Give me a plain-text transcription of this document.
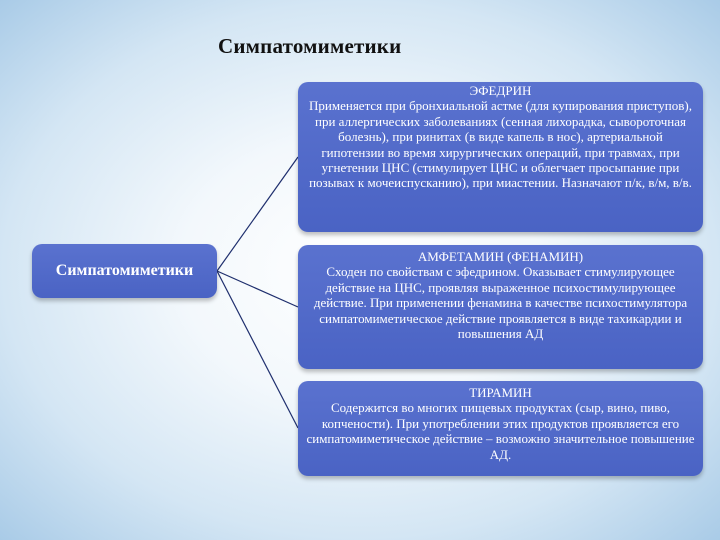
Симпатомиметики
Симпатомиметики
ЭФЕДРИН
Применяется при бронхиальной астме (для купирования приступов), при аллергических заболеваниях (сенная лихорадка, сывороточная болезнь), при ринитах (в виде капель в нос), артериальной гипотензии во время хирургических операций, при травмах, при угнетении ЦНС (стимулирует ЦНС и облегчает просыпание при позывах к мочеиспусканию), при миастении. Назначают п/к, в/м, в/в.
АМФЕТАМИН (ФЕНАМИН)
Сходен по свойствам с эфедрином. Оказывает стимулирующее действие на ЦНС, проявляя выраженное психостимулирующее действие. При применении фенамина в качестве психостимулятора симпатомиметическое действие проявляется в виде тахикардии и повышения АД
ТИРАМИН
Содержится во многих пищевых продуктах (сыр, вино, пиво, копчености). При употреблении этих продуктов проявляется его симпатомиметическое действие – возможно значительное повышение АД.
